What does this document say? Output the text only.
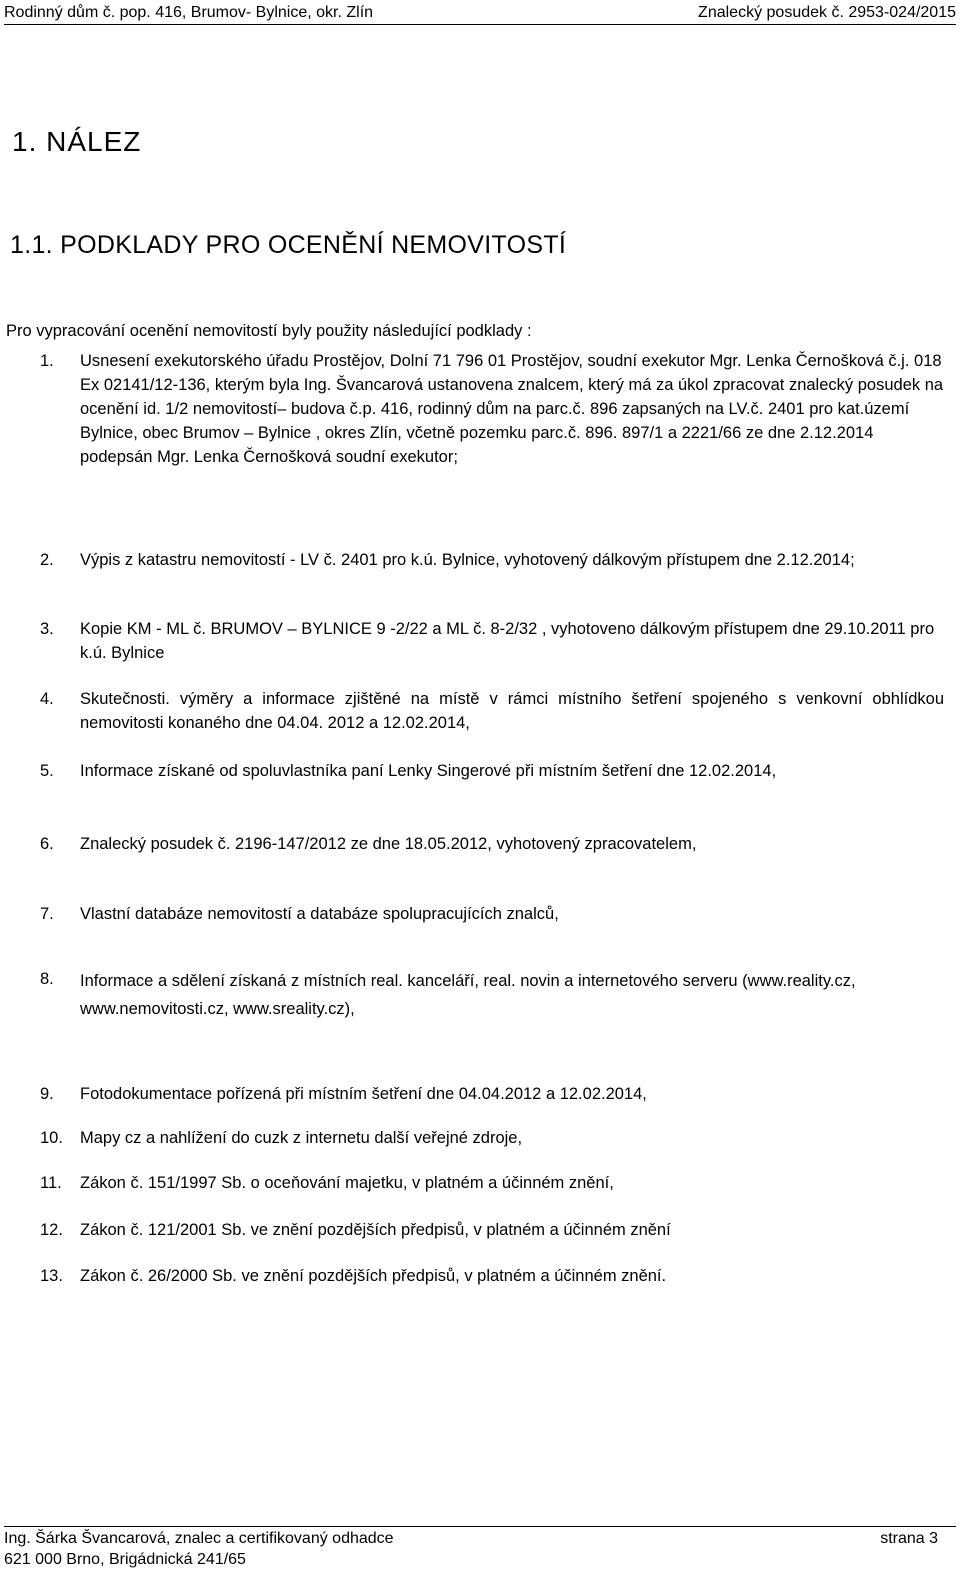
Rodinný dům č. pop. 416, Brumov- Bylnice, okr. Zlín	Znalecký posudek č. 2953-024/2015
1. NÁLEZ
1.1. PODKLADY PRO OCENĚNÍ NEMOVITOSTÍ
Pro vypracování ocenění nemovitostí byly použity následující podklady :
1. Usnesení exekutorského úřadu Prostějov, Dolní 71 796 01 Prostějov, soudní exekutor Mgr. Lenka Černošková č.j. 018 Ex 02141/12-136, kterým byla Ing. Švancarová ustanovena znalcem, který má za úkol zpracovat znalecký posudek na ocenění id. 1/2 nemovitostí– budova č.p. 416, rodinný dům na parc.č. 896 zapsaných na LV.č. 2401 pro kat.území Bylnice, obec Brumov – Bylnice , okres Zlín, včetně pozemku parc.č. 896. 897/1 a 2221/66 ze dne 2.12.2014 podepsán Mgr. Lenka Černošková soudní exekutor;
2. Výpis z katastru nemovitostí - LV č. 2401 pro k.ú. Bylnice, vyhotovený dálkovým přístupem dne 2.12.2014;
3. Kopie KM - ML č. BRUMOV – BYLNICE 9 -2/22 a ML č. 8-2/32 , vyhotoveno dálkovým přístupem dne 29.10.2011 pro k.ú. Bylnice
4. Skutečnosti. výměry a informace zjištěné na místě v rámci místního šetření spojeného s venkovní obhlídkou nemovitosti konaného dne 04.04. 2012 a 12.02.2014,
5. Informace získané od spoluvlastníka paní Lenky Singerové při místním šetření dne 12.02.2014,
6. Znalecký posudek č. 2196-147/2012 ze dne 18.05.2012, vyhotovený zpracovatelem,
7. Vlastní databáze nemovitostí a databáze spolupracujících znalců,
8. Informace a sdělení získaná z místních real. kanceláří, real. novin a internetového serveru (www.reality.cz, www.nemovitosti.cz, www.sreality.cz),
9. Fotodokumentace pořízená při místním šetření dne 04.04.2012 a 12.02.2014,
10. Mapy cz a nahlížení do cuzk z internetu další veřejné zdroje,
11. Zákon č. 151/1997 Sb. o oceňování majetku, v platném a účinném znění,
12. Zákon č. 121/2001 Sb. ve znění pozdějších předpisů, v platném a účinném znění
13. Zákon č. 26/2000 Sb. ve znění pozdějších předpisů, v platném a účinném znění.
Ing. Šárka Švancarová, znalec a certifikovaný odhadce
621 000 Brno, Brigádnická 241/65
strana 3
